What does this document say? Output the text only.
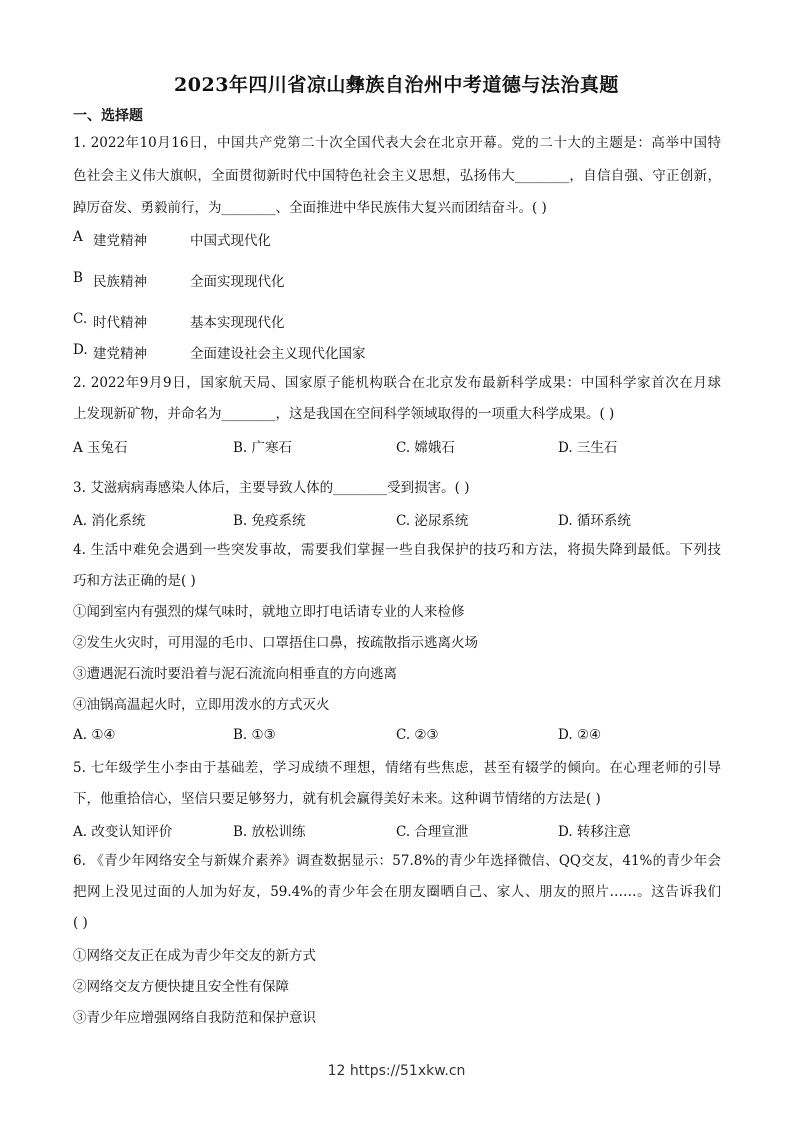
2023年四川省凉山彝族自治州中考道德与法治真题
一、选择题
1. 2022年10月16日，中国共产党第二十次全国代表大会在北京开幕。党的二十大的主题是：高举中国特
色社会主义伟大旗帜，全面贯彻新时代中国特色社会主义思想，弘扬伟大________，自信自强、守正创新，
踔厉奋发、勇毅前行，为________、全面推进中华民族伟大复兴而团结奋斗。( )
A 建党精神	中国式现代化
B 民族精神	全面实现现代化
C. 时代精神	基本实现现代化
D. 建党精神	全面建设社会主义现代化国家
2. 2022年9月9日，国家航天局、国家原子能机构联合在北京发布最新科学成果：中国科学家首次在月球
上发现新矿物，并命名为________，这是我国在空间科学领域取得的一项重大科学成果。( )
A 玉兔石	B. 广寒石	C. 嫦娥石	D. 三生石
3. 艾滋病病毒感染人体后，主要导致人体的________受到损害。( )
A. 消化系统	B. 免疫系统	C. 泌尿系统	D. 循环系统
4. 生活中难免会遇到一些突发事故，需要我们掌握一些自我保护的技巧和方法，将损失降到最低。下列技
巧和方法正确的是( )
①闻到室内有强烈的煤气味时，就地立即打电话请专业的人来检修
②发生火灾时，可用湿的毛巾、口罩捂住口鼻，按疏散指示逃离火场
③遭遇泥石流时要沿着与泥石流流向相垂直的方向逃离
④油锅高温起火时，立即用泼水的方式灭火
A. ①④	B. ①③	C. ②③	D. ②④
5. 七年级学生小李由于基础差，学习成绩不理想，情绪有些焦虑，甚至有辍学的倾向。在心理老师的引导
下，他重拾信心，坚信只要足够努力，就有机会赢得美好未来。这种调节情绪的方法是( )
A. 改变认知评价	B. 放松训练	C. 合理宣泄	D. 转移注意
6. 《青少年网络安全与新媒介素养》调查数据显示：57.8%的青少年选择微信、QQ交友，41%的青少年会
把网上没见过面的人加为好友，59.4%的青少年会在朋友圈晒自己、家人、朋友的照片……。这告诉我们
( )
①网络交友正在成为青少年交友的新方式
②网络交友方便快捷且安全性有保障
③青少年应增强网络自我防范和保护意识
12 https://51xkw.cn
